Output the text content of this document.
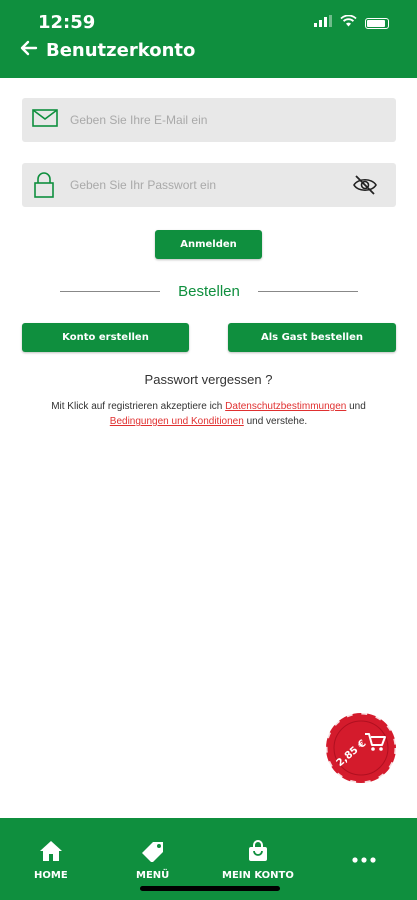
12:59
Benutzerkonto
Geben Sie Ihre E-Mail ein
Anmelden
Bestellen
Konto erstellen	Als Gast bestellen
Passwort vergessen ?
Mit Klick auf registrieren akzeptiere ich Datenschutzbestimmungen und
Bedingungen und Konditionen und verstehe.
2,85 €
HOME	MENÜ	MEIN KONTO
